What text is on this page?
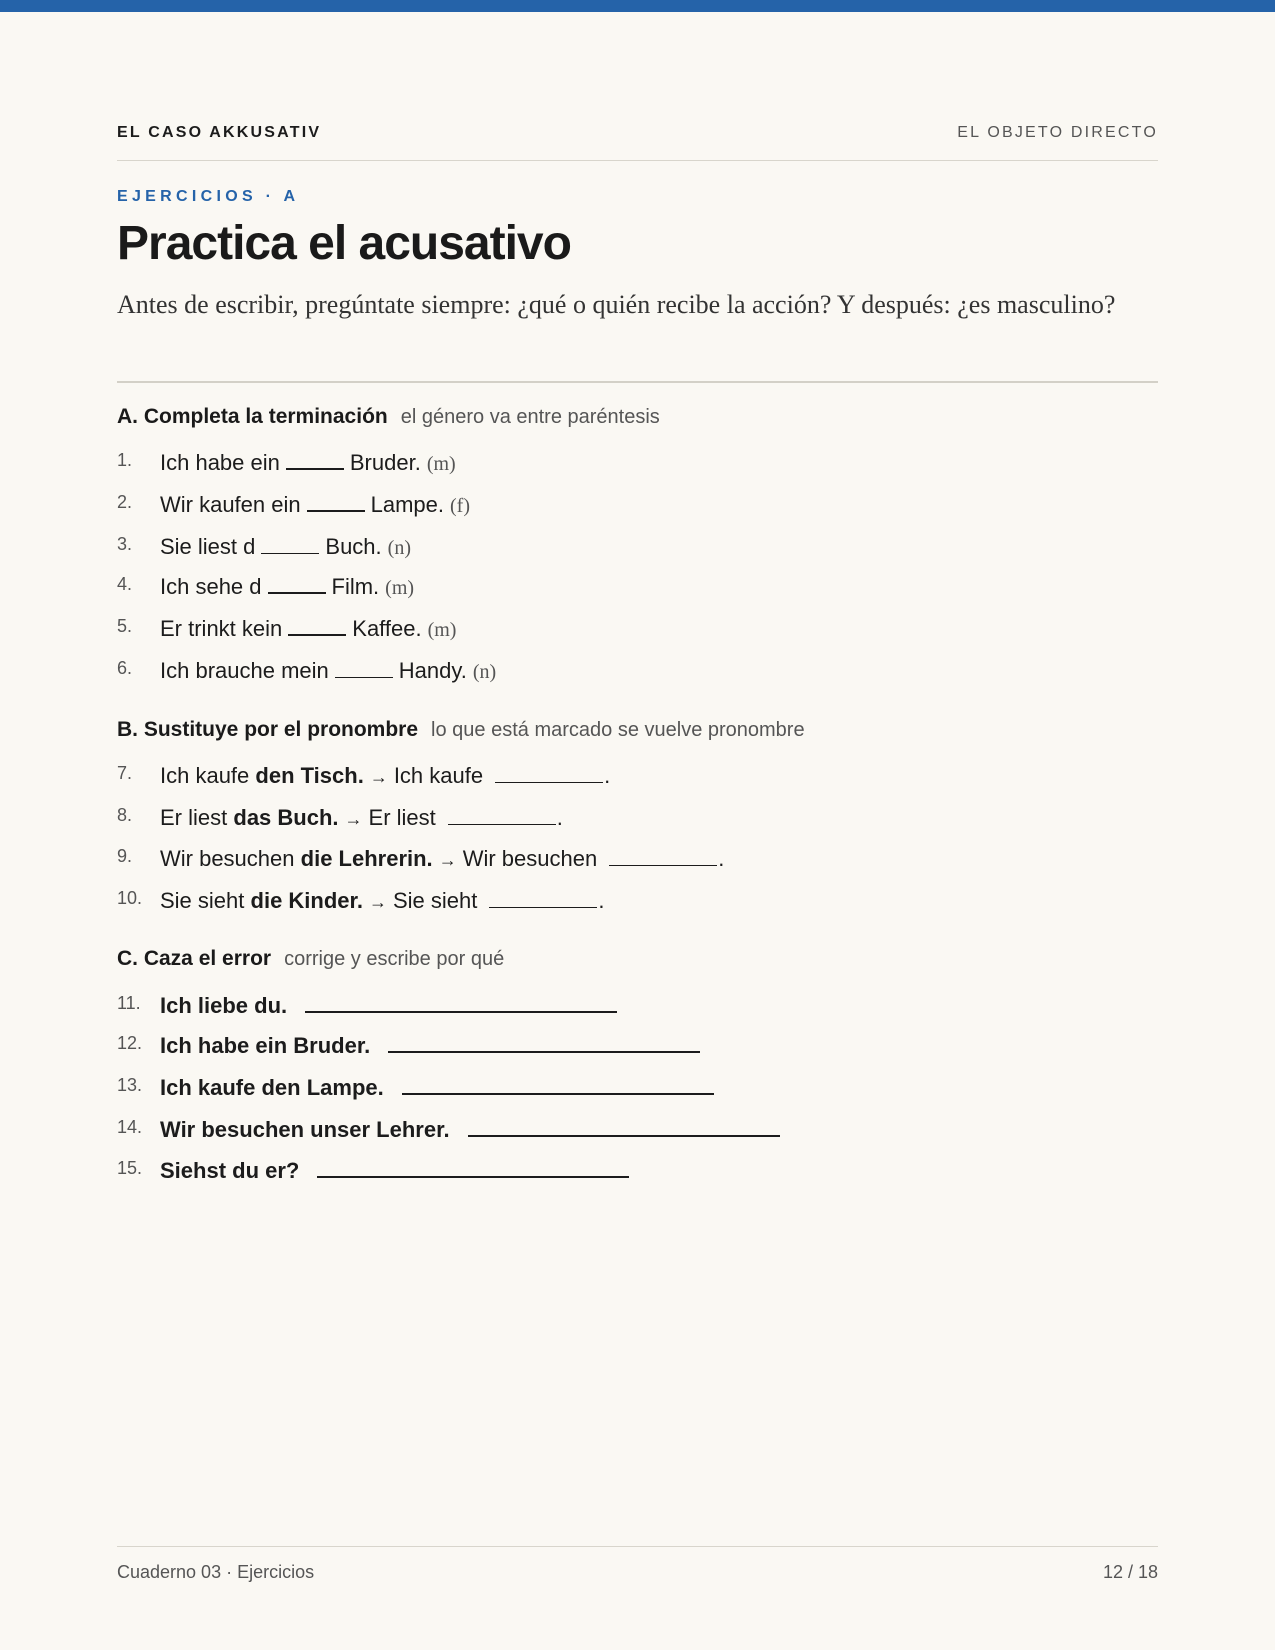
EL CASO AKKUSATIV	EL OBJETO DIRECTO
EJERCICIOS · A
Practica el acusativo

Antes de escribir, pregúntate siempre: ¿qué o quién recibe la acción? Y después: ¿es masculino?

A. Completa la terminación el género va entre paréntesis
1. Ich habe ein	Bruder. (m)
2. Wir kaufen ein	Lampe. (f)
3. Sie liest d	Buch. (n)
4. Ich sehe d	Film. (m)
5. Er trinkt kein	Kaffee. (m)
6. Ich brauche mein	Handy. (n)
B. Sustituye por el pronombre lo que está marcado se vuelve pronombre
7. Ich kaufe
den Tisch. → Ich kaufe	.
8. Er liest
das Buch. → Er liest	.
9. Wir besuchen
die Lehrerin. → Wir besuchen	.
10. Sie sieht
die Kinder. → Sie sieht	.
C. Caza el error corrige y escribe por qué
11. Ich liebe du.
12. Ich habe ein Bruder.
13. Ich kaufe den Lampe.
14. Wir besuchen unser Lehrer.
15. Siehst du er?
Cuaderno 03 · Ejercicios	12 / 18
